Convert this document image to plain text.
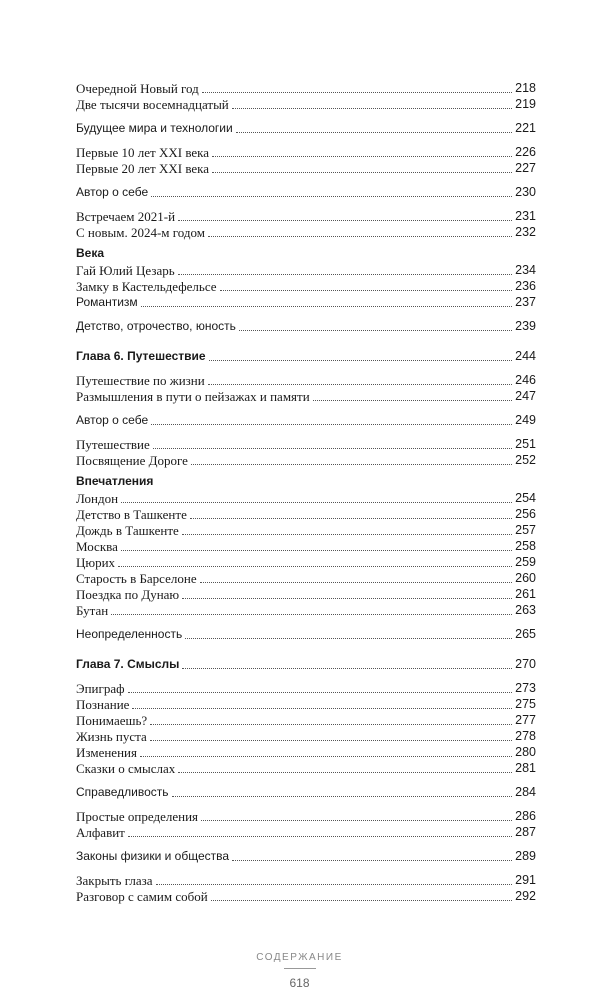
Очередной Новый год	218
Две тысячи восемнадцатый	219
Будущее мира и технологии	221
Первые 10 лет XXI века	226
Первые 20 лет XXI века	227
Автор о себе	230
Встречаем 2021-й	231
С новым. 2024-м годом	232
Века
Гай Юлий Цезарь	234
Замку в Кастельдефельсе	236
Романтизм	237
Детство, отрочество, юность	239
Глава 6. Путешествие	244
Путешествие по жизни	246
Размышления в пути о пейзажах и памяти	247
Автор о себе	249
Путешествие	251
Посвящение Дороге	252
Впечатления
Лондон	254
Детство в Ташкенте	256
Дождь в Ташкенте	257
Москва	258
Цюрих	259
Старость в Барселоне	260
Поездка по Дунаю	261
Бутан	263
Неопределенность	265
Глава 7. Смыслы	270
Эпиграф	273
Познание	275
Понимаешь?	277
Жизнь пуста	278
Изменения	280
Сказки о смыслах	281
Справедливость	284
Простые определения	286
Алфавит	287
Законы физики и общества	289
Закрыть глаза	291
Разговор с самим собой	292
СОДЕРЖАНИЕ
618
